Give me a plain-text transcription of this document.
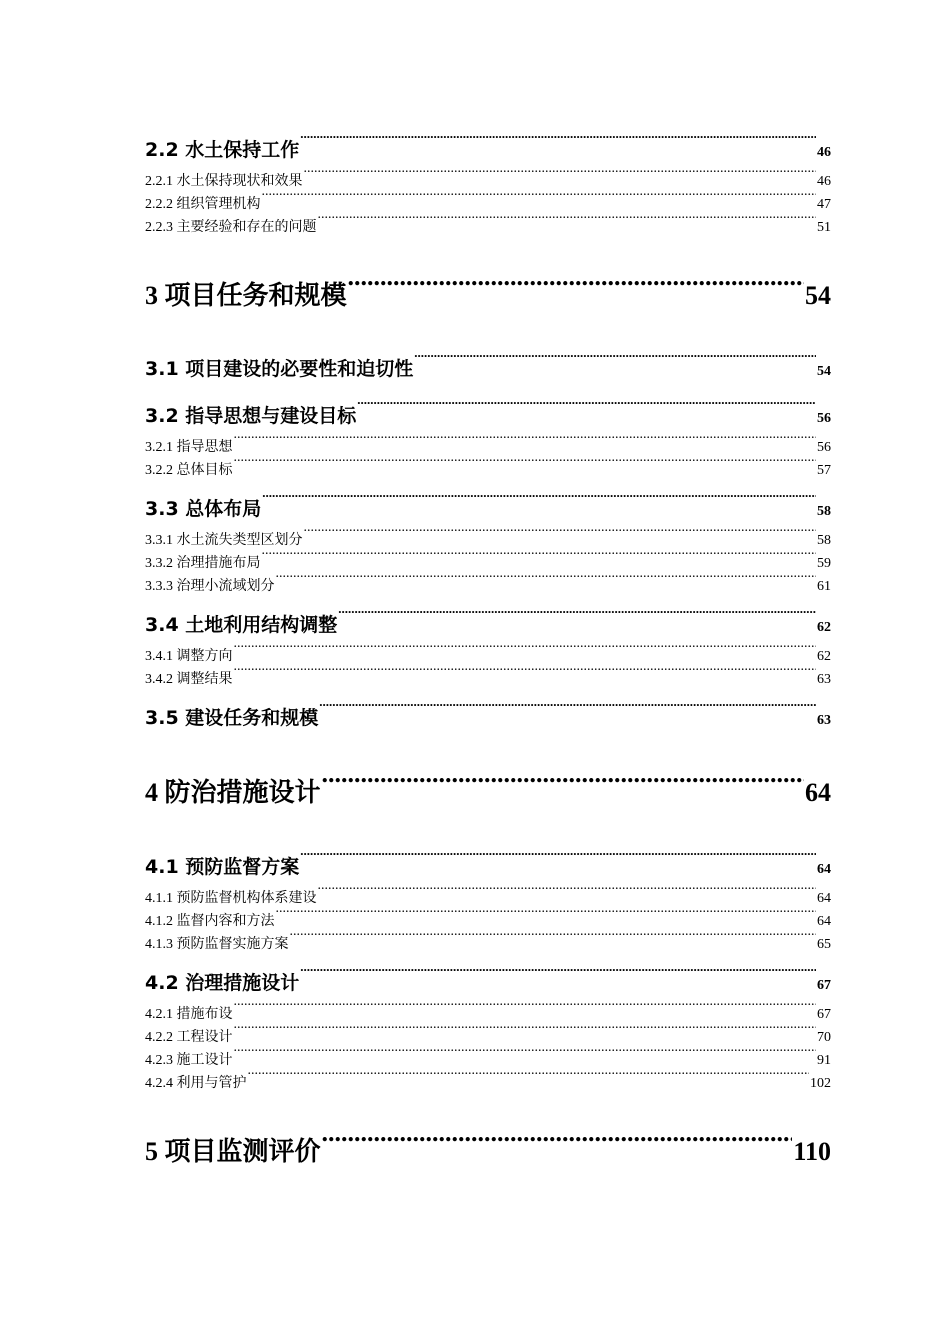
2.2 水土保持工作 .....	46
2.2.1 水土保持现状和效果 .....	46
2.2.2 组织管理机构 .....	47
2.2.3 主要经验和存在的问题 .....	51
3 项目任务和规模 .....	54
3.1 项目建设的必要性和迫切性 .....	54
3.2 指导思想与建设目标 .....	56
3.2.1 指导思想 .....	56
3.2.2 总体目标 .....	57
3.3 总体布局 .....	58
3.3.1 水土流失类型区划分 .....	58
3.3.2 治理措施布局 .....	59
3.3.3 治理小流域划分 .....	61
3.4 土地利用结构调整 .....	62
3.4.1 调整方向 .....	62
3.4.2 调整结果 .....	63
3.5 建设任务和规模 .....	63
4 防治措施设计 .....	64
4.1 预防监督方案 .....	64
4.1.1 预防监督机构体系建设 .....	64
4.1.2 监督内容和方法 .....	64
4.1.3 预防监督实施方案 .....	65
4.2 治理措施设计 .....	67
4.2.1 措施布设 .....	67
4.2.2 工程设计 .....	70
4.2.3 施工设计 .....	91
4.2.4 利用与管护 .....	102
5 项目监测评价 .....	110
